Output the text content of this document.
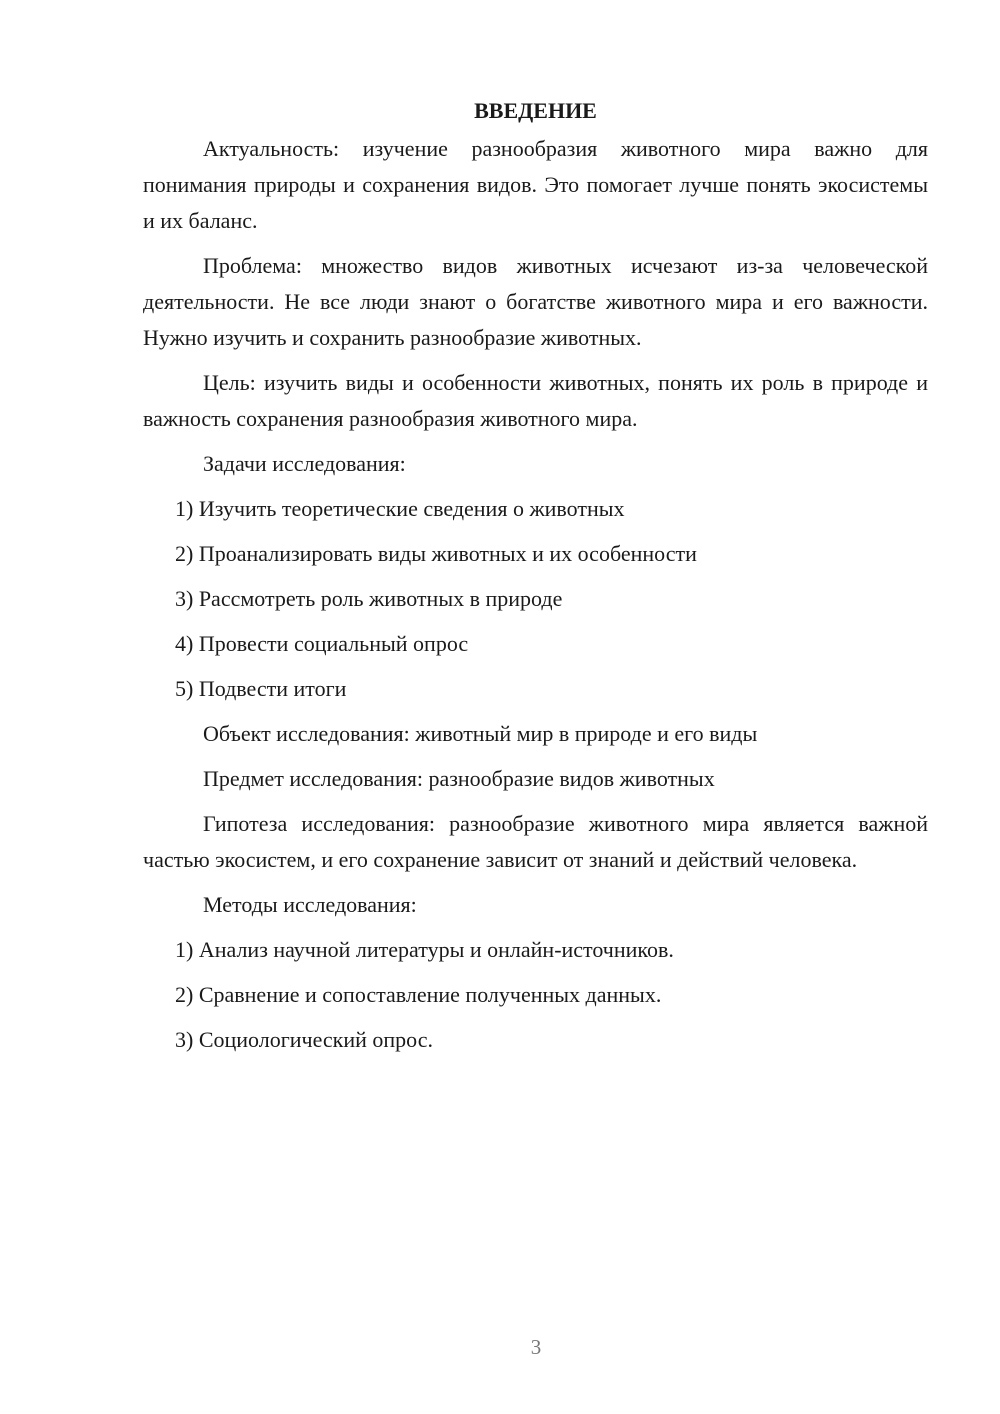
ВВЕДЕНИЕ

Актуальность: изучение разнообразия животного мира важно для понимания природы и сохранения видов. Это помогает лучше понять экосистемы и их баланс.

Проблема: множество видов животных исчезают из-за человеческой деятельности. Не все люди знают о богатстве животного мира и его важности. Нужно изучить и сохранить разнообразие животных.

Цель: изучить виды и особенности животных, понять их роль в природе и важность сохранения разнообразия животного мира.

Задачи исследования:

1) Изучить теоретические сведения о животных

2) Проанализировать виды животных и их особенности

3) Рассмотреть роль животных в природе

4) Провести социальный опрос

5) Подвести итоги

Объект исследования: животный мир в природе и его виды

Предмет исследования: разнообразие видов животных

Гипотеза исследования: разнообразие животного мира является важной частью экосистем, и его сохранение зависит от знаний и действий человека.

Методы исследования:

1) Анализ научной литературы и онлайн-источников.

2) Сравнение и сопоставление полученных данных.

3) Социологический опрос.

3
